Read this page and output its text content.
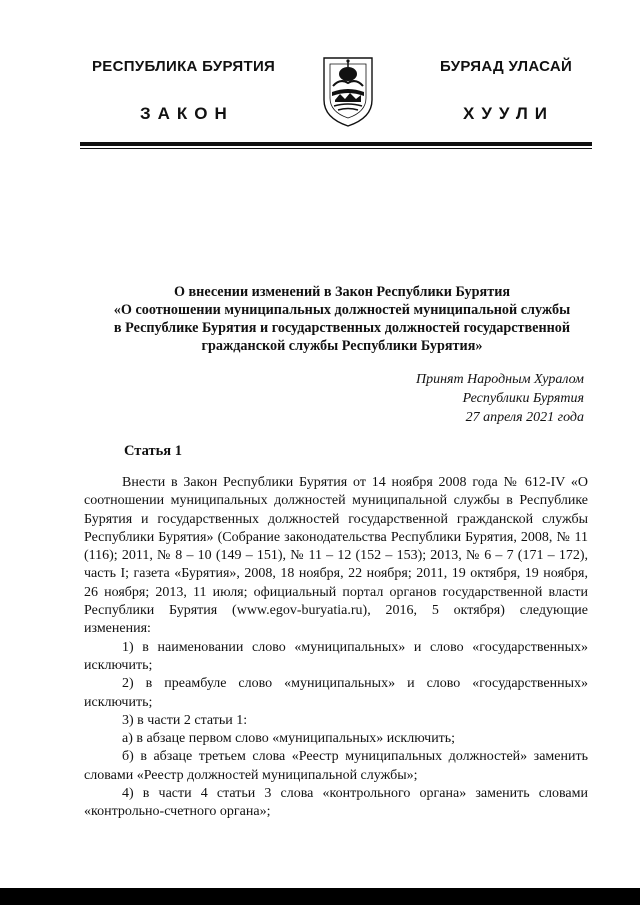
РЕСПУБЛИКА БУРЯТИЯ	БУРЯАД УЛАСАЙ
ЗАКОН	ХУУЛИ
О внесении изменений в Закон Республики Бурятия
«О соотношении муниципальных должностей муниципальной службы
в Республике Бурятия и государственных должностей государственной
гражданской службы Республики Бурятия»
Принят Народным Хуралом
Республики Бурятия
27 апреля 2021 года
Статья 1

Внести в Закон Республики Бурятия от 14 ноября 2008 года № 612-IV «О соотношении муниципальных должностей муниципальной службы в Республике Бурятия и государственных должностей государственной гражданской службы Республики Бурятия» (Собрание законодательства Республики Бурятия, 2008, № 11 (116); 2011, № 8 – 10 (149 – 151), № 11 – 12 (152 – 153); 2013, № 6 – 7 (171 – 172), часть I; газета «Бурятия», 2008, 18 ноября, 22 ноября; 2011, 19 октября, 19 ноября, 26 ноября; 2013, 11 июля; официальный портал органов государственной власти Республики Бурятия (www.egov-buryatia.ru), 2016, 5 октября) следующие изменения:

1) в наименовании слово «муниципальных» и слово «государственных» исключить;

2) в преамбуле слово «муниципальных» и слово «государственных» исключить;

3) в части 2 статьи 1:

а) в абзаце первом слово «муниципальных» исключить;

б) в абзаце третьем слова «Реестр муниципальных должностей» заменить словами «Реестр должностей муниципальной службы»;

4) в части 4 статьи 3 слова «контрольного органа» заменить словами «контрольно-счетного органа»;
